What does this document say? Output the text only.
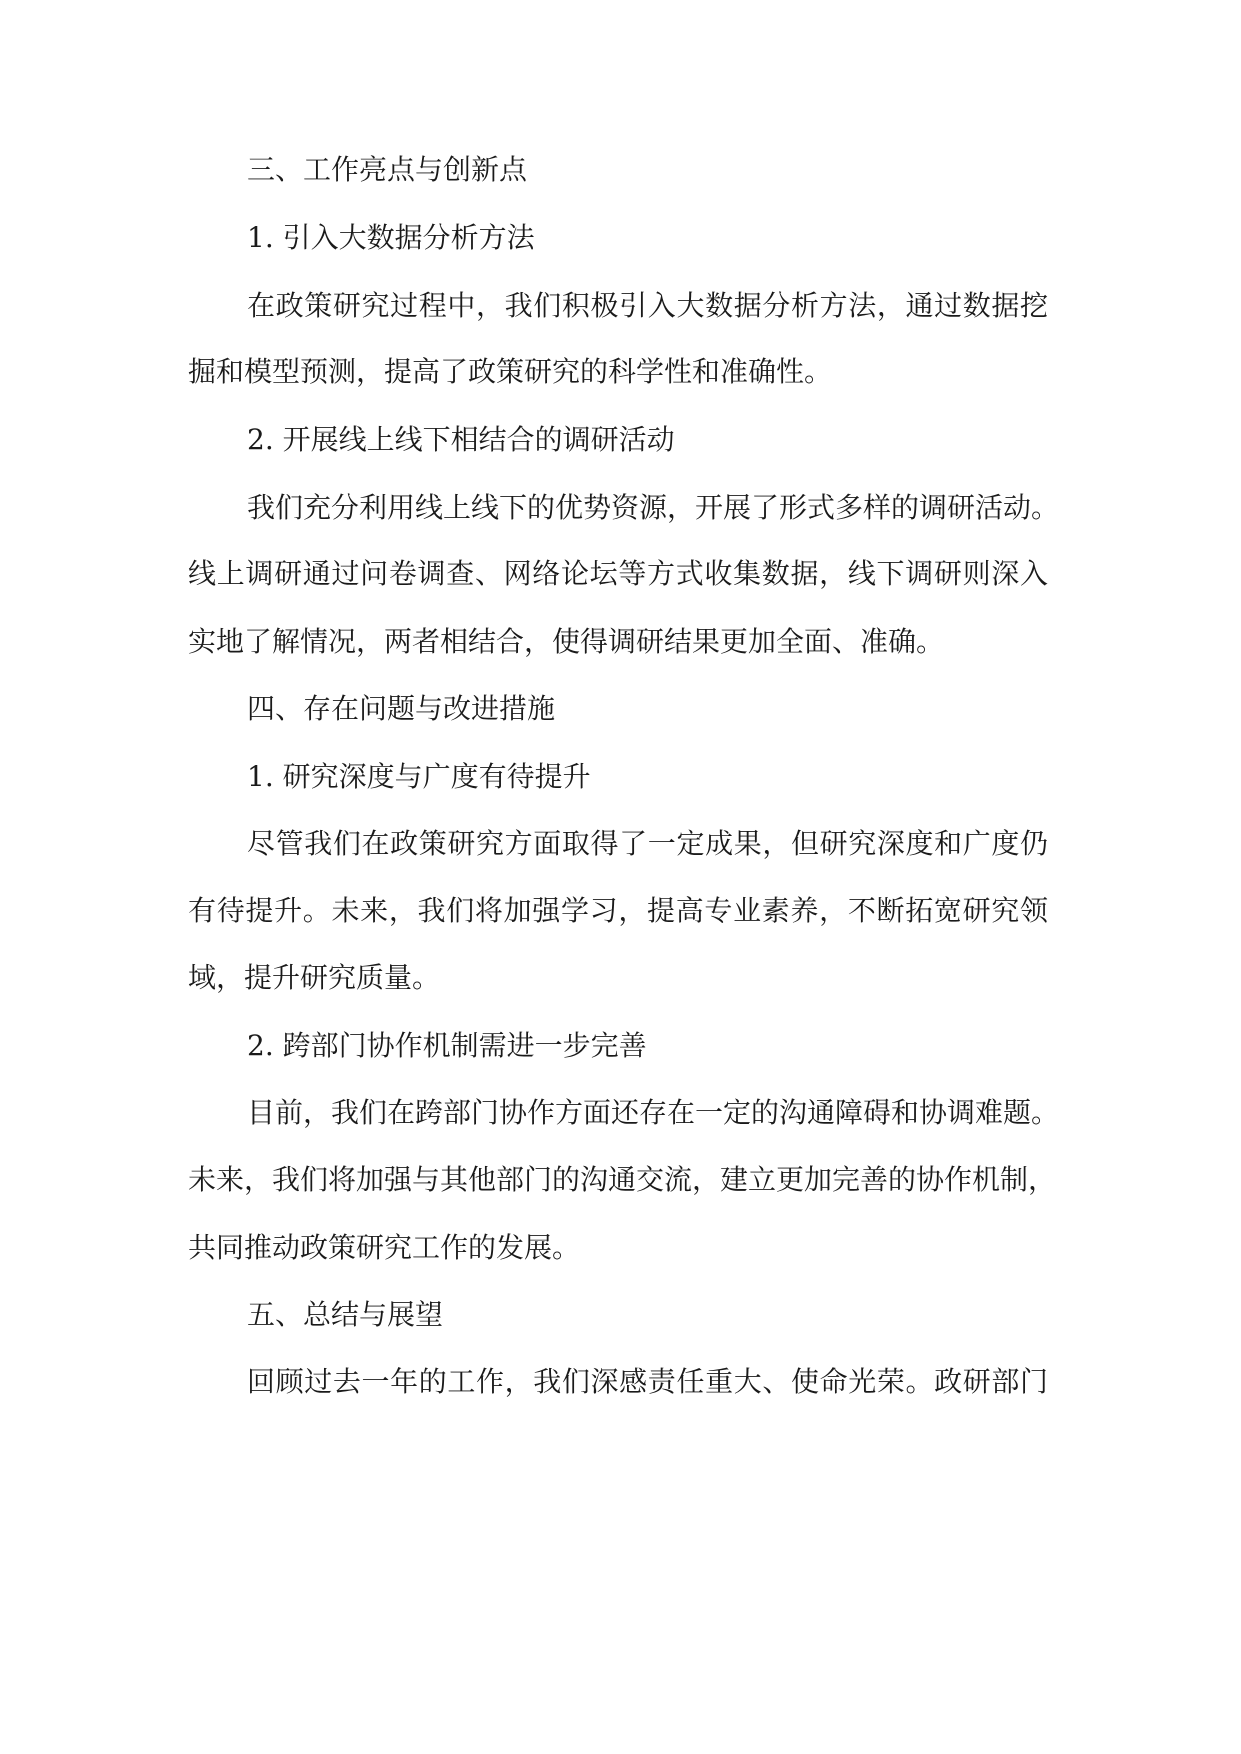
三、工作亮点与创新点
1. 引入大数据分析方法
在政策研究过程中，我们积极引入大数据分析方法，通过数据挖
掘和模型预测，提高了政策研究的科学性和准确性。
2. 开展线上线下相结合的调研活动
我们充分利用线上线下的优势资源，开展了形式多样的调研活动。
线上调研通过问卷调查、网络论坛等方式收集数据，线下调研则深入
实地了解情况，两者相结合，使得调研结果更加全面、准确。
四、存在问题与改进措施
1. 研究深度与广度有待提升
尽管我们在政策研究方面取得了一定成果，但研究深度和广度仍
有待提升。未来，我们将加强学习，提高专业素养，不断拓宽研究领
域，提升研究质量。
2. 跨部门协作机制需进一步完善
目前，我们在跨部门协作方面还存在一定的沟通障碍和协调难题。
未来，我们将加强与其他部门的沟通交流，建立更加完善的协作机制，
共同推动政策研究工作的发展。
五、总结与展望
回顾过去一年的工作，我们深感责任重大、使命光荣。政研部门
